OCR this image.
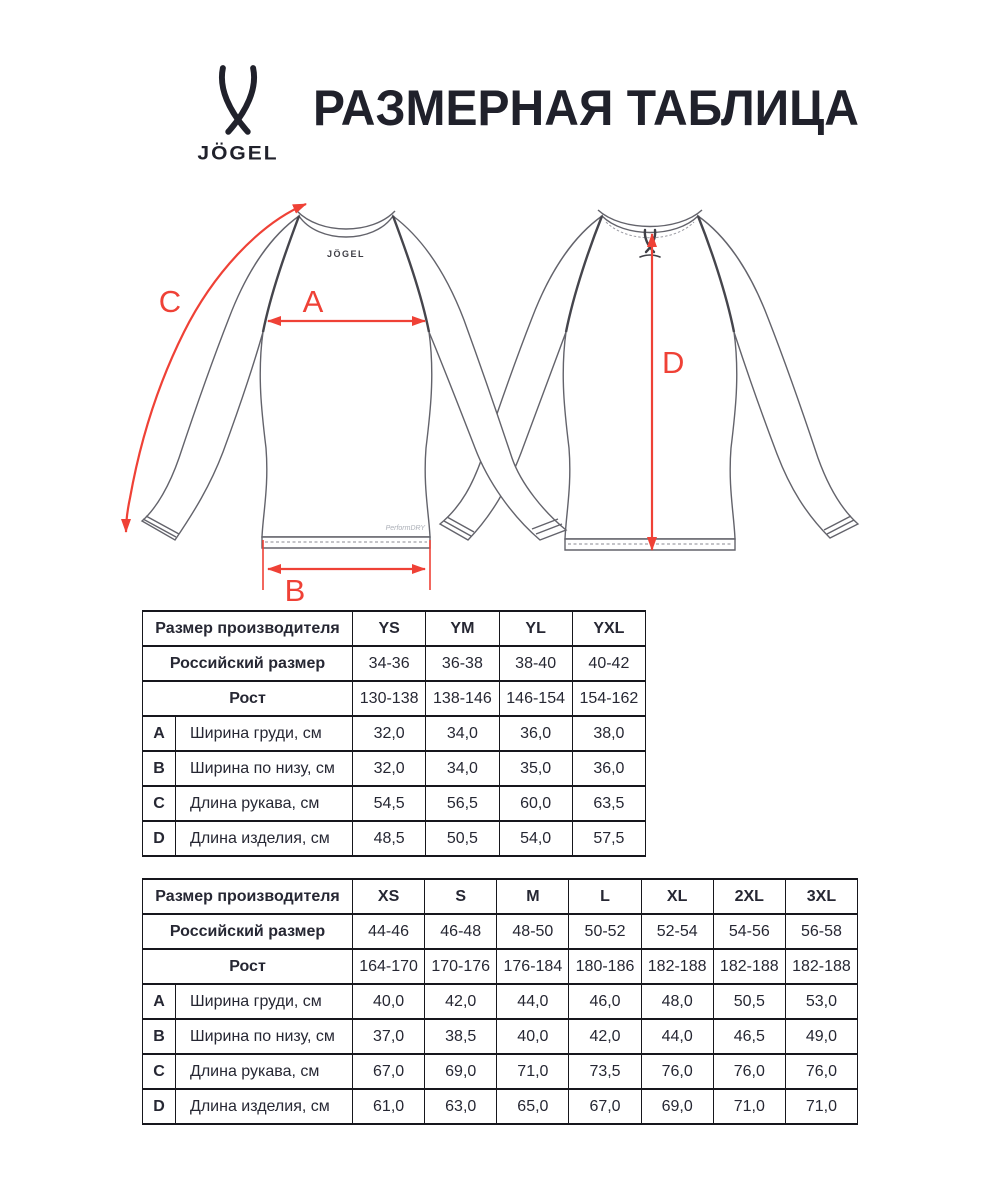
JÖGEL
РАЗМЕРНАЯ ТАБЛИЦА
JÖGEL
PerformDRY
A
B
C
D
Размер производителя		YS	YM	YL	YXL
Российский размер		34-36	36-38	38-40	40-42
Рост		130-138	138-146	146-154	154-162
A	Ширина груди, см	32,0	34,0	36,0	38,0
B	Ширина по низу, см	32,0	34,0	35,0	36,0
C	Длина рукава, см	54,5	56,5	60,0	63,5
D	Длина изделия, см	48,5	50,5	54,0	57,5
Размер производителя		XS	S	M	L	XL	2XL	3XL
Российский размер		44-46	46-48	48-50	50-52	52-54	54-56	56-58
Рост		164-170	170-176	176-184	180-186	182-188	182-188	182-188
A	Ширина груди, см	40,0	42,0	44,0	46,0	48,0	50,5	53,0
B	Ширина по низу, см	37,0	38,5	40,0	42,0	44,0	46,5	49,0
C	Длина рукава, см	67,0	69,0	71,0	73,5	76,0	76,0	76,0
D	Длина изделия, см	61,0	63,0	65,0	67,0	69,0	71,0	71,0
